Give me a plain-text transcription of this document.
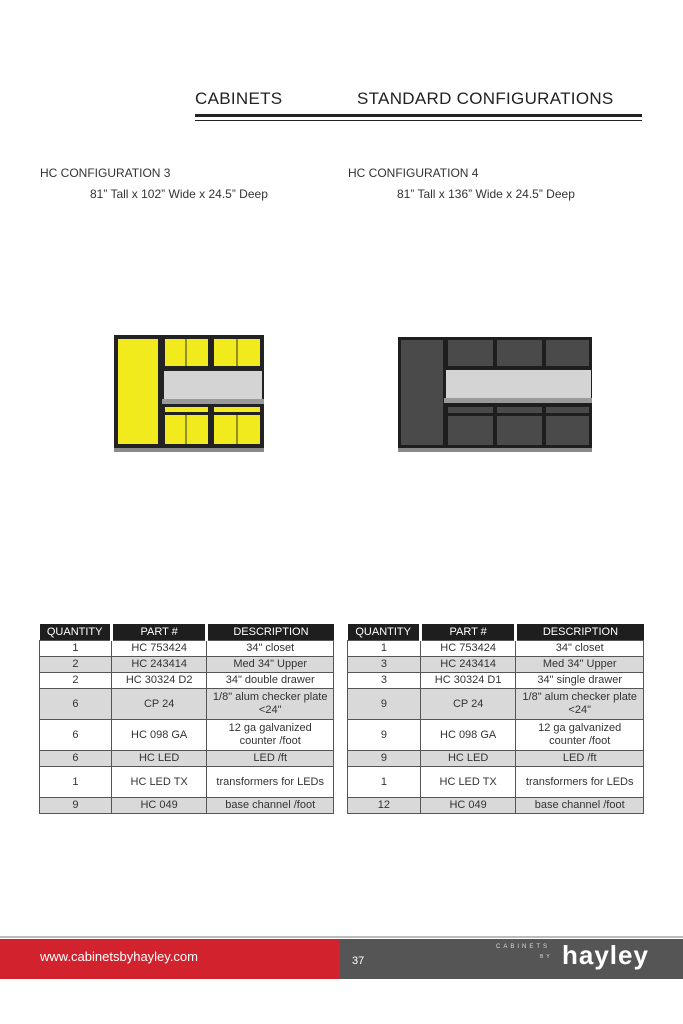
CABINETS	STANDARD CONFIGURATIONS
HC CONFIGURATION 3
81” Tall x 102” Wide x 24.5” Deep
HC CONFIGURATION 4
81” Tall x 136” Wide x 24.5” Deep
QUANTITY	PART #	DESCRIPTION
1	HC 753424	34" closet
2	HC 243414	Med 34" Upper
2	HC 30324 D2	34" double drawer
6	CP 24	1/8" alum checker plate <24"
6	HC 098 GA	12 ga galvanized counter /foot
6	HC LED	LED /ft
1	HC LED TX	transformers for LEDs
9	HC 049	base channel /foot
QUANTITY	PART #	DESCRIPTION
1	HC 753424	34" closet
3	HC 243414	Med 34" Upper
3	HC 30324 D1	34" single drawer
9	CP 24	1/8" alum checker plate <24"
9	HC 098 GA	12 ga galvanized counter /foot
9	HC LED	LED /ft
1	HC LED TX	transformers for LEDs
12	HC 049	base channel /foot
www.cabinetsbyhayley.com	37
CABINETS
BY hayley
